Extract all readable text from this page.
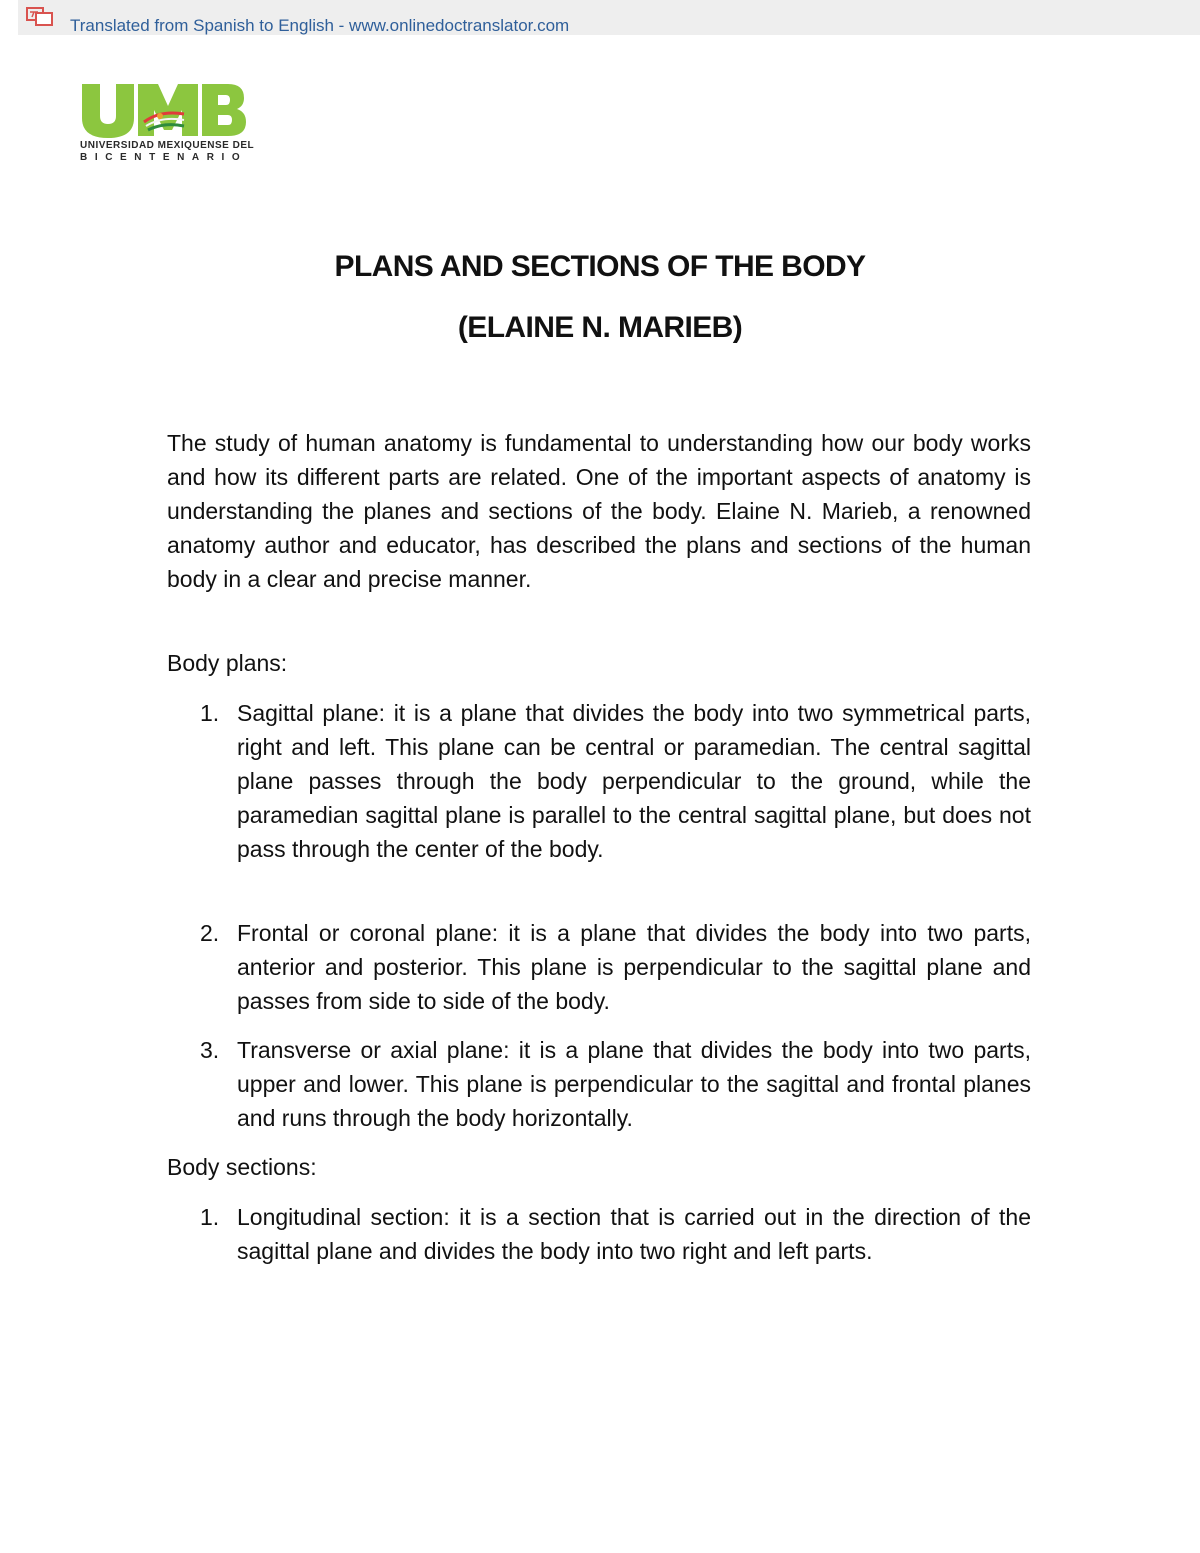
Translated from Spanish to English - www.onlinedoctranslator.com
UNIVERSIDAD MEXIQUENSE DEL
BICENTENARIO
PLANS AND SECTIONS OF THE BODY
(ELAINE N. MARIEB)
The study of human anatomy is fundamental to understanding how our body works and how its different parts are related. One of the important aspects of anatomy is understanding the planes and sections of the body. Elaine N. Marieb, a renowned anatomy author and educator, has described the plans and sections of the human body in a clear and precise manner.
Body plans:
1. Sagittal plane: it is a plane that divides the body into two symmetrical parts, right and left. This plane can be central or paramedian. The central sagittal plane passes through the body perpendicular to the ground, while the paramedian sagittal plane is parallel to the central sagittal plane, but does not pass through the center of the body.
2. Frontal or coronal plane: it is a plane that divides the body into two parts, anterior and posterior. This plane is perpendicular to the sagittal plane and passes from side to side of the body.
3. Transverse or axial plane: it is a plane that divides the body into two parts, upper and lower. This plane is perpendicular to the sagittal and frontal planes and runs through the body horizontally.
Body sections:
1. Longitudinal section: it is a section that is carried out in the direction of the sagittal plane and divides the body into two right and left parts.
